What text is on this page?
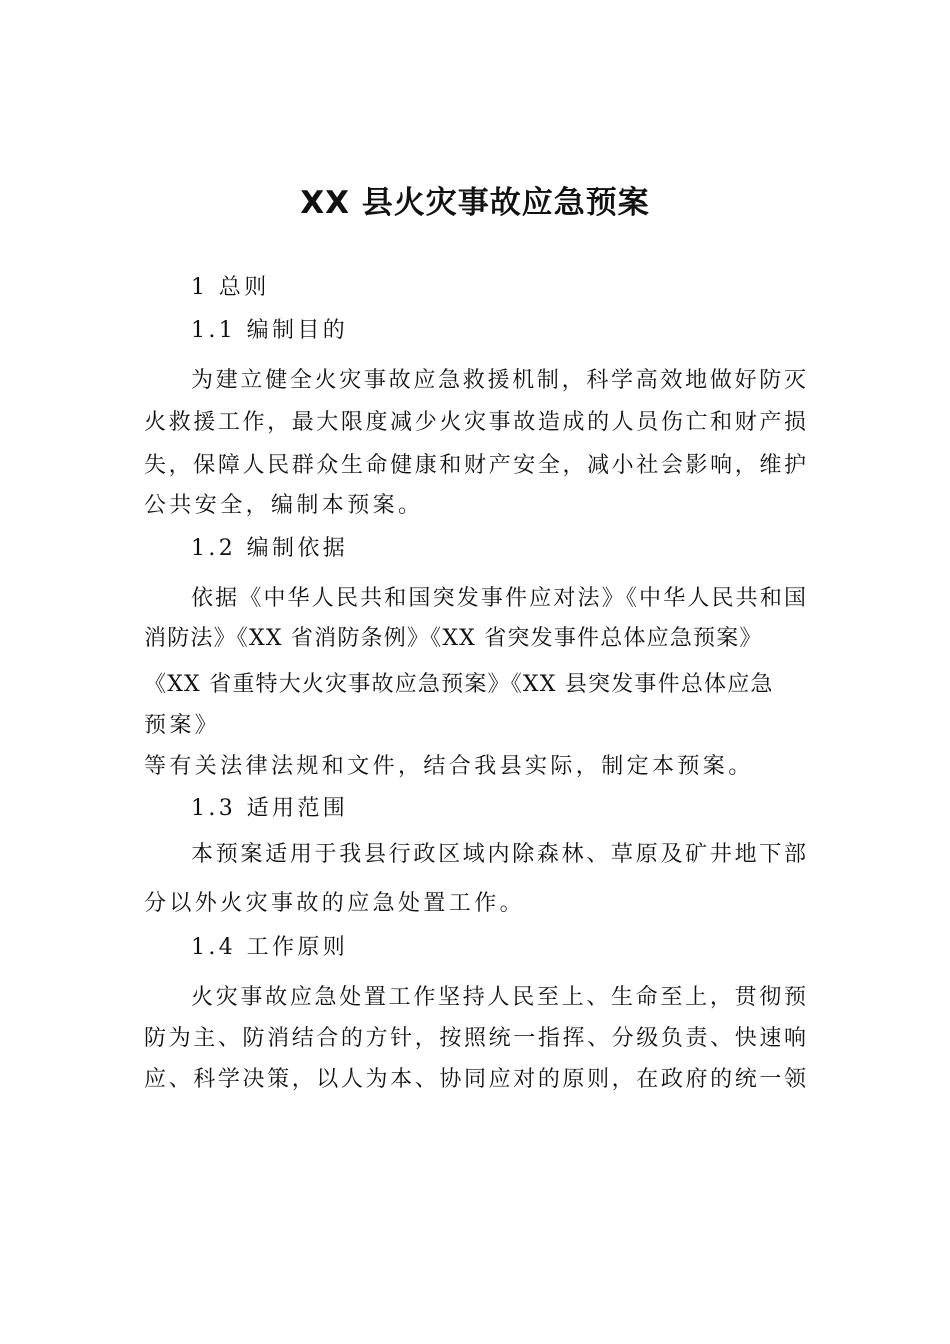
XX 县火灾事故应急预案
1 总则
1.1 编制目的
为建立健全火灾事故应急救援机制，科学高效地做好防灭
火救援工作，最大限度减少火灾事故造成的人员伤亡和财产损
失，保障人民群众生命健康和财产安全，减小社会影响，维护
公共安全，编制本预案。
1.2 编制依据
依据《中华人民共和国突发事件应对法》《中华人民共和国
消防法》《XX 省消防条例》《XX 省突发事件总体应急预案》
《XX 省重特大火灾事故应急预案》《XX 县突发事件总体应急
预案》
等有关法律法规和文件，结合我县实际，制定本预案。
1.3 适用范围
本预案适用于我县行政区域内除森林、草原及矿井地下部
分以外火灾事故的应急处置工作。
1.4 工作原则
火灾事故应急处置工作坚持人民至上、生命至上，贯彻预
防为主、防消结合的方针，按照统一指挥、分级负责、快速响
应、科学决策，以人为本、协同应对的原则，在政府的统一领
